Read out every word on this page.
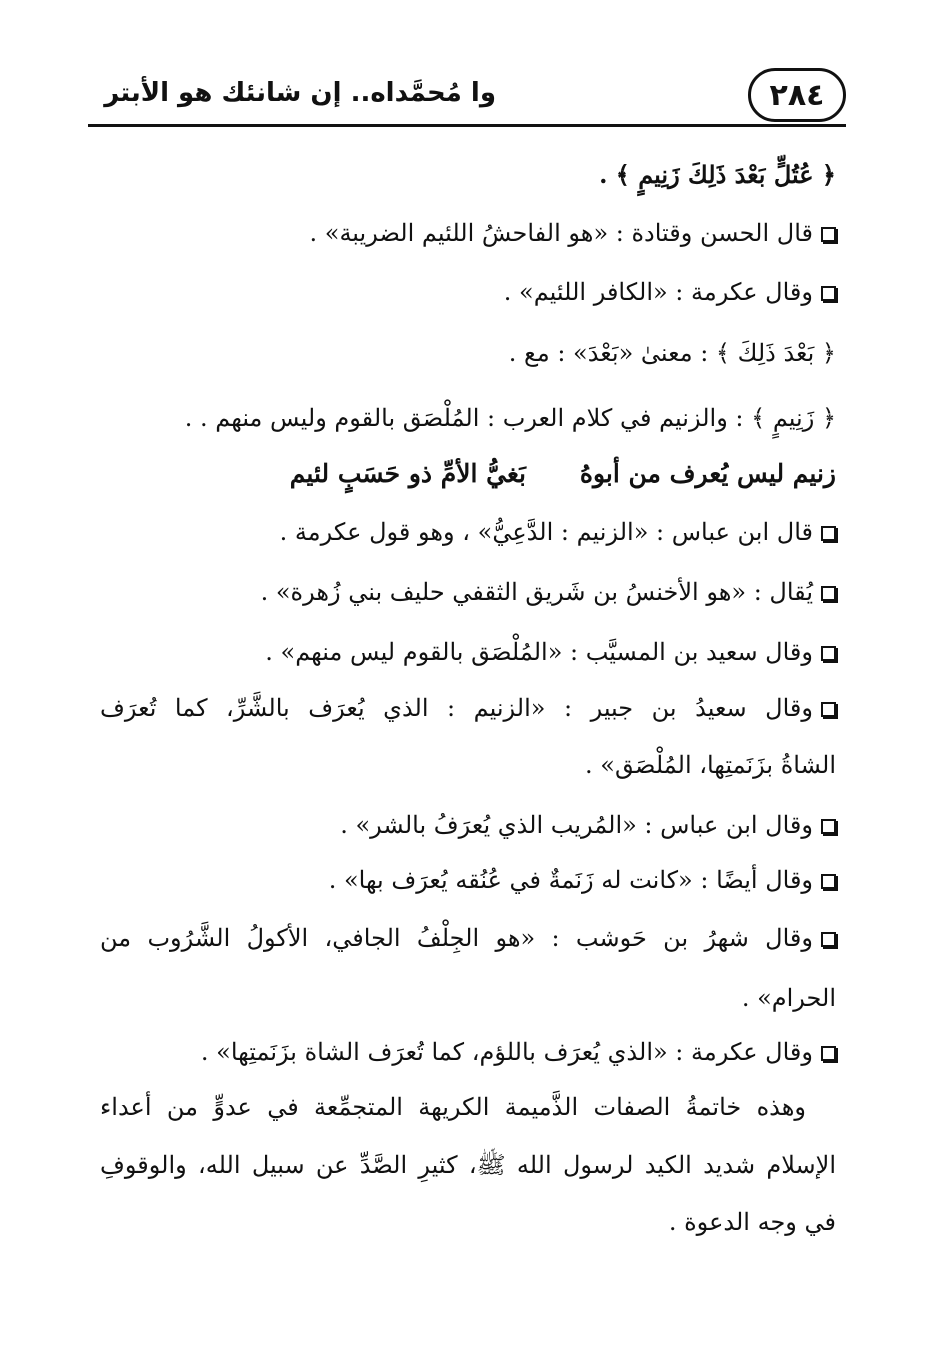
وا مُحمَّداه.. إن شانئك هو الأبتر	٢٨٤
﴿ عُتُلٍّ بَعْدَ ذَلِكَ زَنِيمٍ ﴾ .
قال الحسن وقتادة : «هو الفاحشُ اللئيم الضريبة» .
وقال عكرمة : «الكافر اللئيم» .
﴿ بَعْدَ ذَلِكَ ﴾ : معنىٰ «بَعْدَ» : مع .
﴿ زَنِيمٍ ﴾ : والزنيم في كلام العرب : المُلْصَق بالقوم وليس منهم . .
زنيم ليس يُعرف من أبوهُ
بَغيُّ الأمِّ ذو حَسَبٍ لئيم
قال ابن عباس : «الزنيم : الدَّعِيُّ» ، وهو قول عكرمة .
يُقال : «هو الأخنسُ بن شَريق الثقفي حليف بني زُهرة» .
وقال سعيد بن المسيَّب : «المُلْصَق بالقوم ليس منهم» .
وقال سعيدُ بن جبير : «الزنيم : الذي يُعرَف بالشَّرِّ، كما تُعرَف
الشاةُ بزَنَمتِها، المُلْصَق» .
وقال ابن عباس : «المُريب الذي يُعرَفُ بالشر» .
وقال أيضًا : «كانت له زَنَمةٌ في عُنُقه يُعرَف بها» .
وقال شهرُ بن حَوشب : «هو الجِلْفُ الجافي، الأكولُ الشَّرُوب من
الحرام» .
وقال عكرمة : «الذي يُعرَف باللؤم، كما تُعرَف الشاة بزَنَمتِها» .
وهذه خاتمةُ الصفات الذَّميمة الكريهة المتجمِّعة في عدوٍّ من أعداء
الإسلام شديد الكيد لرسول الله ﷺ، كثيرِ الصَّدِّ عن سبيل الله، والوقوفِ
في وجه الدعوة .
